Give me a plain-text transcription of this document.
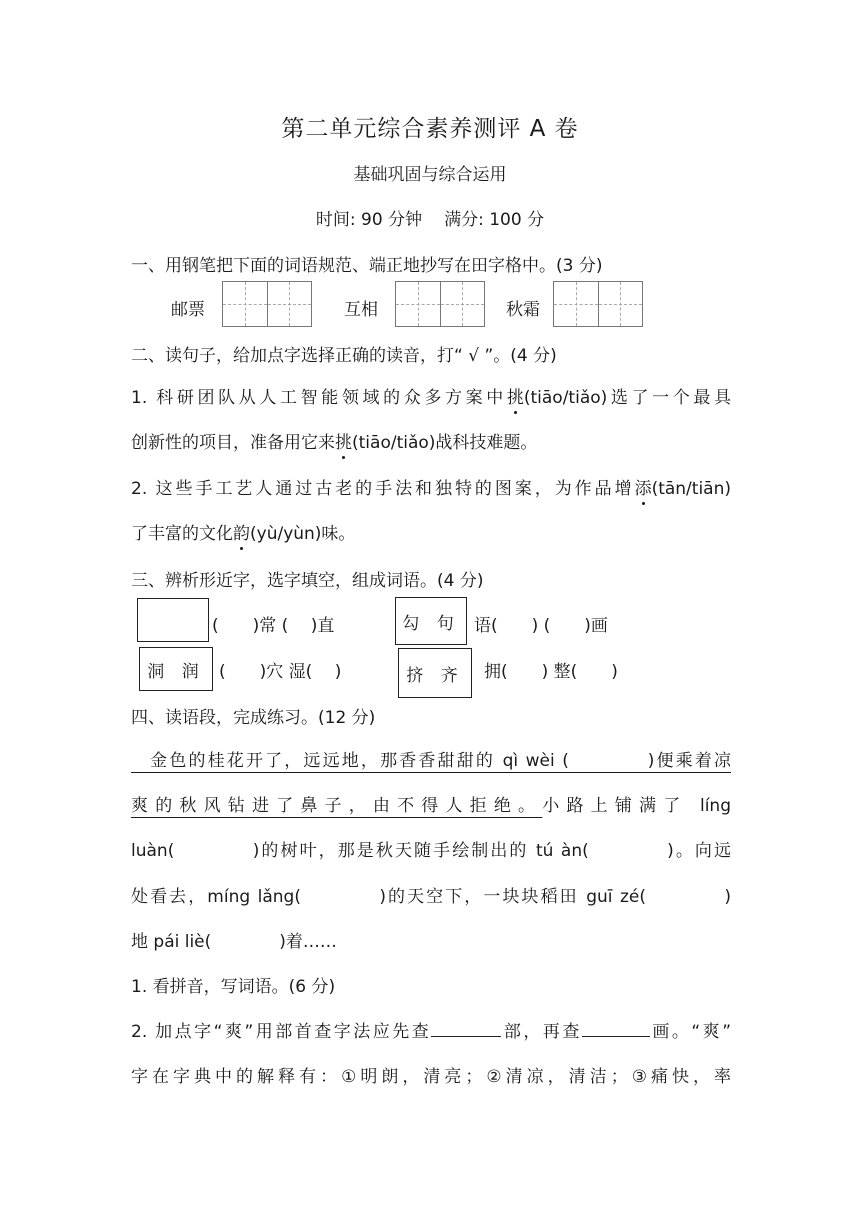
第二单元综合素养测评 A 卷
基础巩固与综合运用
时间: 90 分钟 满分: 100 分
一、用钢笔把下面的词语规范、端正地抄写在田字格中。(3 分)
邮票	互相	秋霜
二、读句子，给加点字选择正确的读音，打“ √ ”。(4 分)
1. 科研团队从人工智能领域的众多方案中挑(tiāo/tiǎo)选了一个最具
创新性的项目，准备用它来挑(tiāo/tiǎo)战科技难题。
2. 这些手工艺人通过古老的手法和独特的图案，为作品增添(tān/tiān)
了丰富的文化韵(yù/yùn)味。
三、辨析形近字，选字填空，组成词语。(4 分)
(　　)常 (　 )直	勾 句 语(　　) (　　)画
洞 润 (　　)穴 湿(　 )	挤 齐	拥(　　) 整(　　)
四、读语段，完成练习。(12 分)
　金色的桂花开了，远远地，那香香甜甜的 qì wèi (　　　　)便乘着凉
爽的秋风钻进了鼻子，由不得人拒绝。小路上铺满了 líng
luàn(　　　　)的树叶，那是秋天随手绘制出的 tú àn(　　　　)。向远
处看去，míng lǎng(　　　　)的天空下，一块块稻田 guī zé(　　　　)
地 pái liè(　　　　)着……
1. 看拼音，写词语。(6 分)
2. 加点字“爽”用部首查字法应先查	部，再查	画。“爽”
字在字典中的解释有：①明朗，清亮；②清凉，清洁；③痛快，率
